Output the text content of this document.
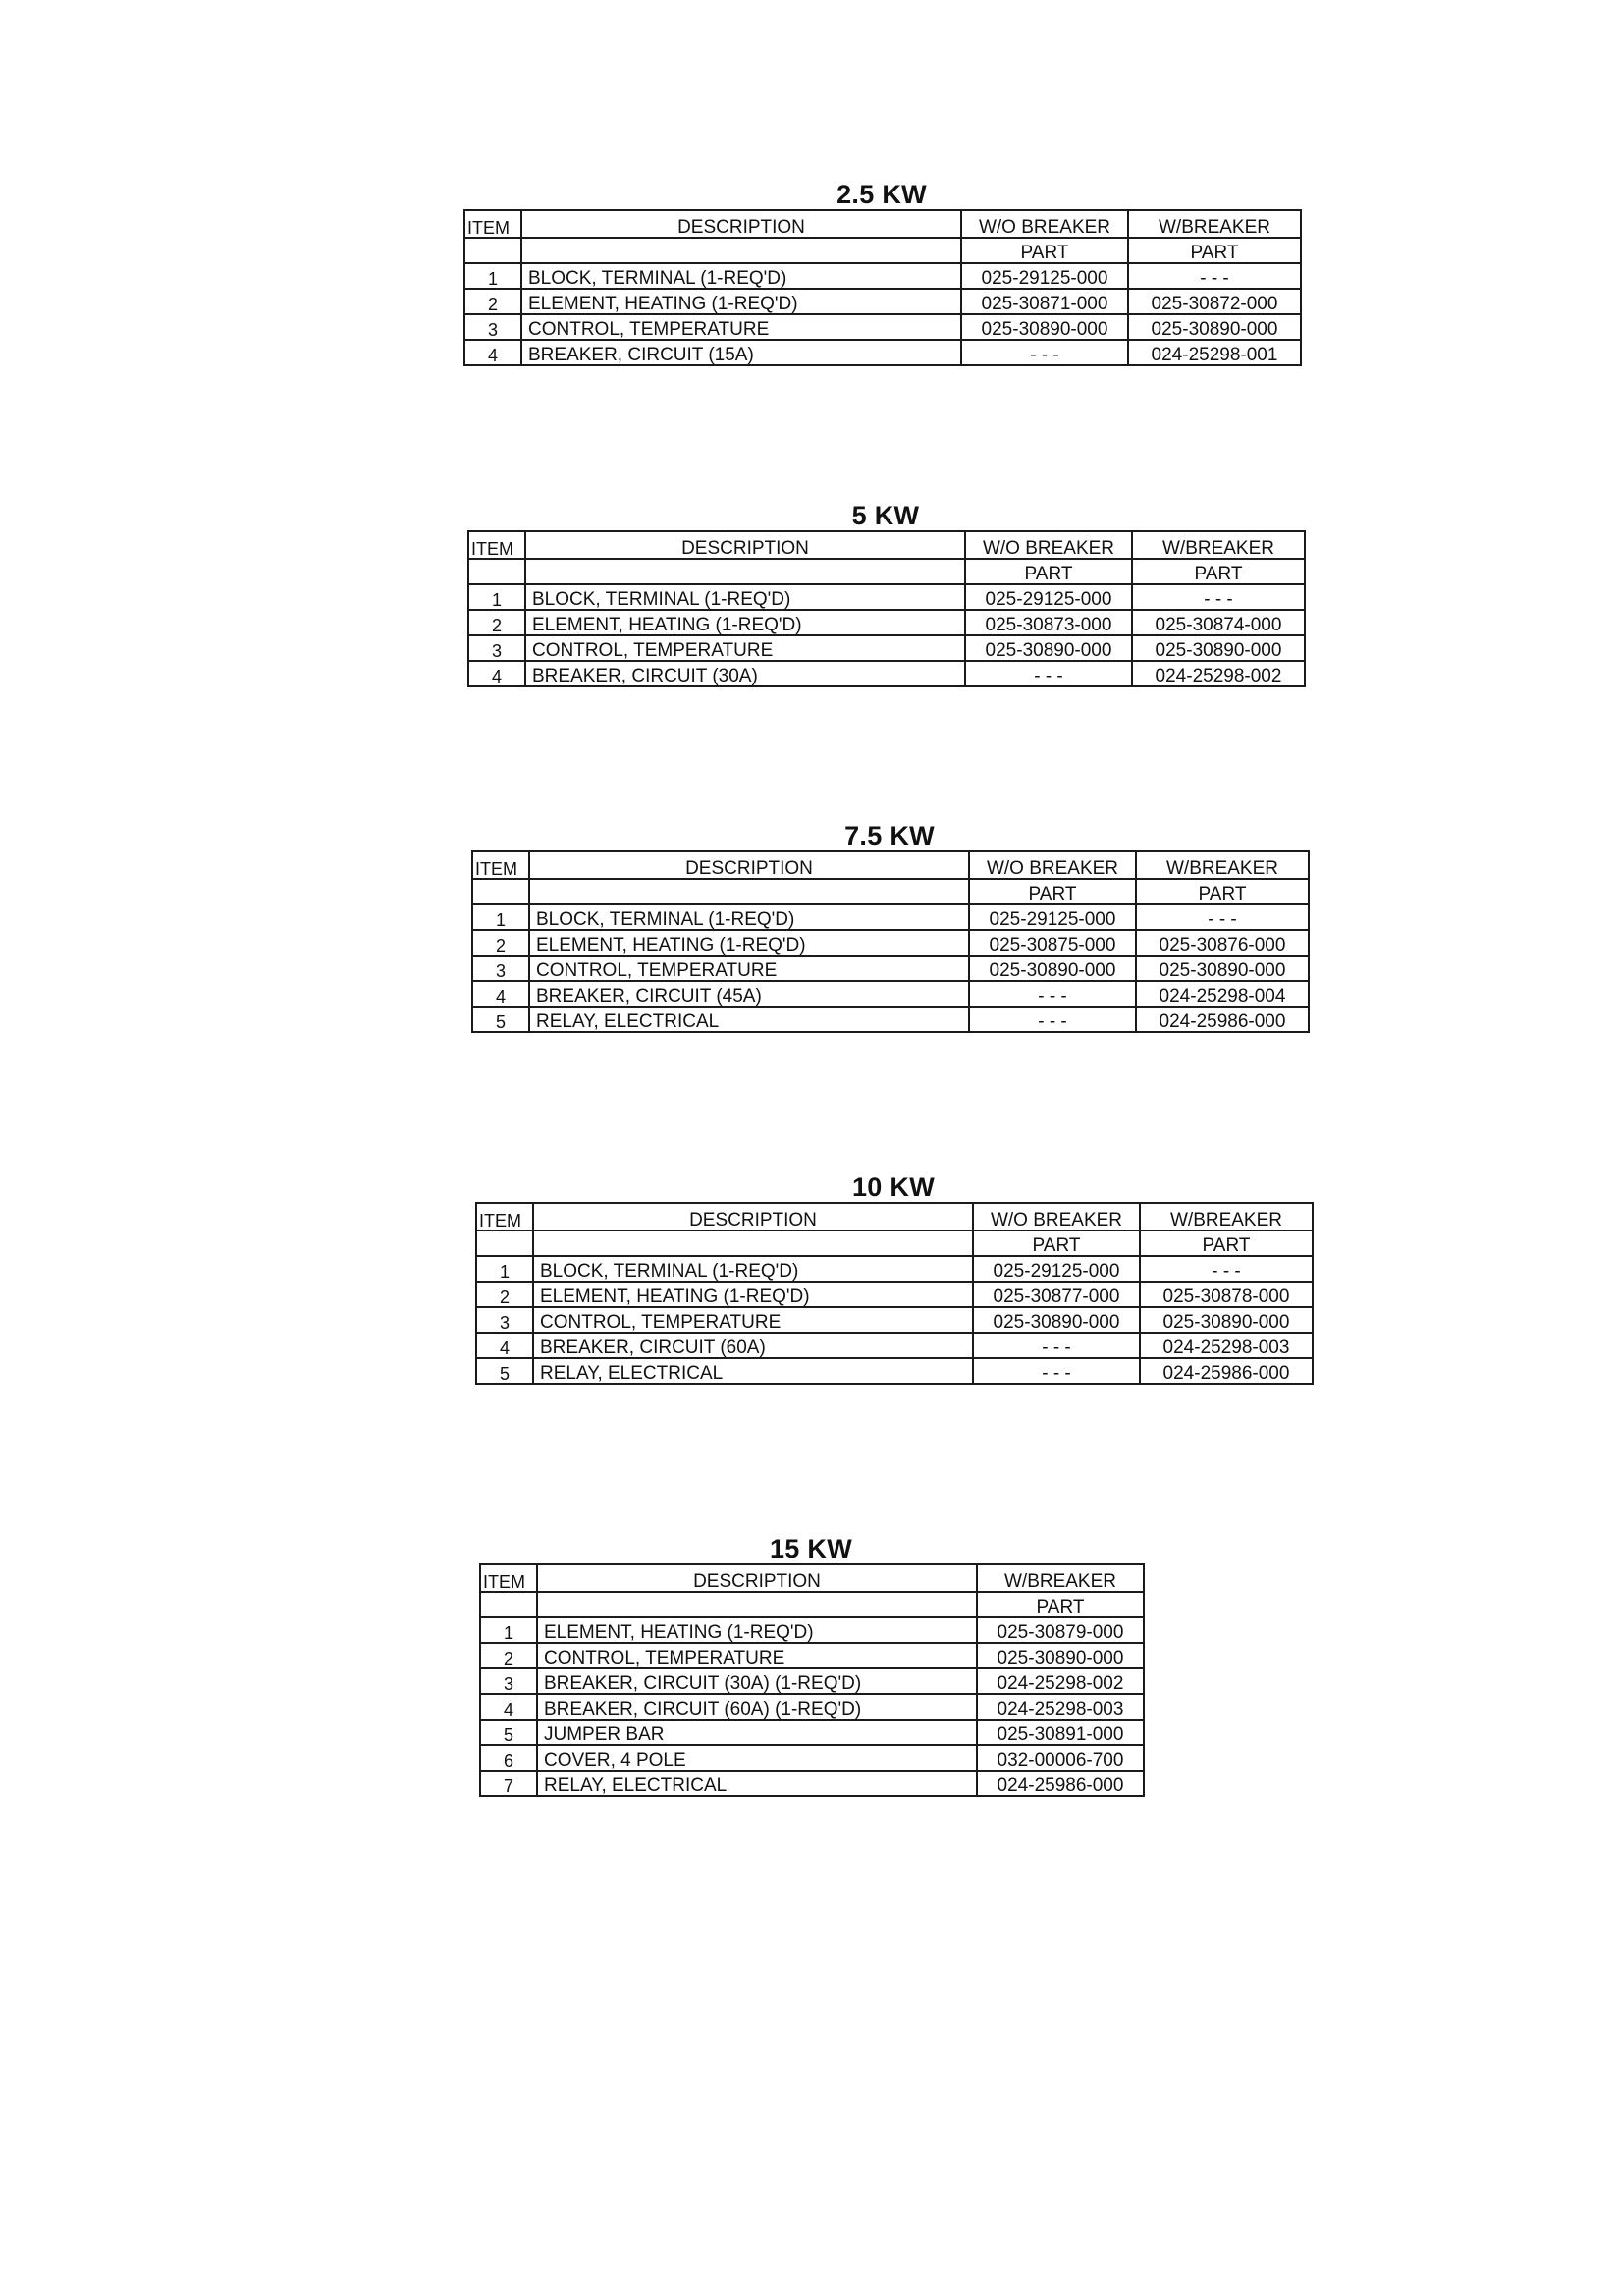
2.5 KW
ITEM	DESCRIPTION	W/O BREAKER	W/BREAKER
		PART	PART
1	BLOCK, TERMINAL (1-REQ'D)	025-29125-000	- - -
2	ELEMENT, HEATING (1-REQ'D)	025-30871-000	025-30872-000
3	CONTROL, TEMPERATURE	025-30890-000	025-30890-000
4	BREAKER, CIRCUIT (15A)	- - -	024-25298-001
5 KW
ITEM	DESCRIPTION	W/O BREAKER	W/BREAKER
		PART	PART
1	BLOCK, TERMINAL (1-REQ'D)	025-29125-000	- - -
2	ELEMENT, HEATING (1-REQ'D)	025-30873-000	025-30874-000
3	CONTROL, TEMPERATURE	025-30890-000	025-30890-000
4	BREAKER, CIRCUIT (30A)	- - -	024-25298-002
7.5 KW
ITEM	DESCRIPTION	W/O BREAKER	W/BREAKER
		PART	PART
1	BLOCK, TERMINAL (1-REQ'D)	025-29125-000	- - -
2	ELEMENT, HEATING (1-REQ'D)	025-30875-000	025-30876-000
3	CONTROL, TEMPERATURE	025-30890-000	025-30890-000
4	BREAKER, CIRCUIT (45A)	- - -	024-25298-004
5	RELAY, ELECTRICAL	- - -	024-25986-000
10 KW
ITEM	DESCRIPTION	W/O BREAKER	W/BREAKER
		PART	PART
1	BLOCK, TERMINAL (1-REQ'D)	025-29125-000	- - -
2	ELEMENT, HEATING (1-REQ'D)	025-30877-000	025-30878-000
3	CONTROL, TEMPERATURE	025-30890-000	025-30890-000
4	BREAKER, CIRCUIT (60A)	- - -	024-25298-003
5	RELAY, ELECTRICAL	- - -	024-25986-000
15 KW
ITEM	DESCRIPTION	W/BREAKER
		PART
1	ELEMENT, HEATING (1-REQ'D)	025-30879-000
2	CONTROL, TEMPERATURE	025-30890-000
3	BREAKER, CIRCUIT (30A) (1-REQ'D)	024-25298-002
4	BREAKER, CIRCUIT (60A) (1-REQ'D)	024-25298-003
5	JUMPER BAR	025-30891-000
6	COVER, 4 POLE	032-00006-700
7	RELAY, ELECTRICAL	024-25986-000
